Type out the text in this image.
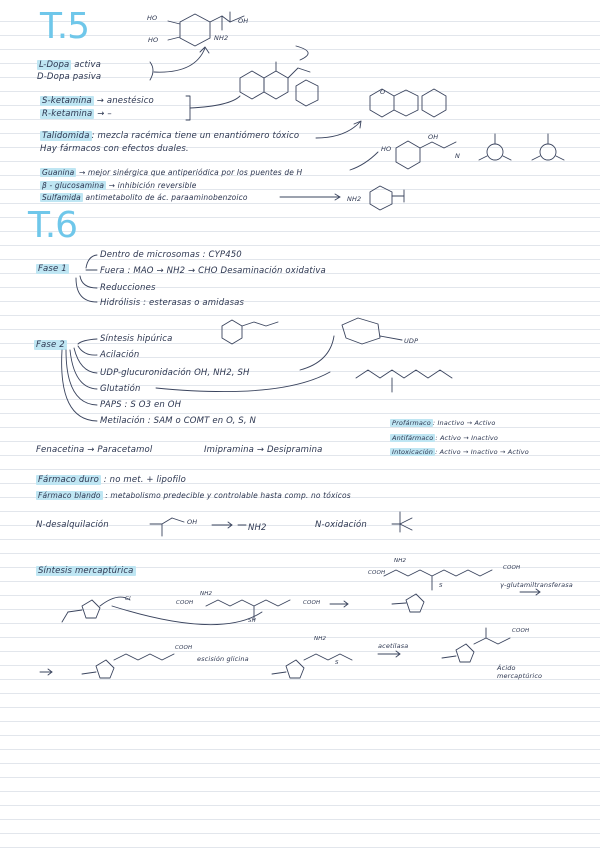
T.5
L-Dopa activa
D-Dopa pasiva
S-ketamina → anestésico
R-ketamina → –
Talidomida : mezcla racémica tiene un enantiómero tóxico
Hay fármacos con efectos duales.
Guanina → mejor sinérgica que antiperiódica por los puentes de H
β - glucosamina → inhibición reversible
Sulfamida antimetabolito de ác. paraaminobenzoico
HO
HO
OH
NH2
O
NH2
HO
N
OH
T.6
Fase 1
Dentro de microsomas : CYP450
Fuera : MAO → NH2 → CHO Desaminación oxidativa
Reducciones
Hidrólisis : esterasas o amidasas
Fase 2
Síntesis hipúrica
Acilación
UDP-glucuronidación OH, NH2, SH
Glutatión
PAPS : S O3 en OH
Metilación : SAM o COMT en O, S, N
UDP
Profármaco : Inactivo → Activo
Antifármaco : Activo → Inactivo
Intoxicación : Activo → Inactivo → Activo
Fenacetina → Paracetamol	Imipramina → Desipramina
Fármaco duro : no met. + lipofilo
Fármaco blando : metabolismo predecible y controlable hasta comp. no tóxicos
N-desalquilación	N-oxidación
OH
NH2
Síntesis mercaptúrica	COOH
COOH
COOH	COOH
COOH
COOH
Cl
NH2
NH2
NH2
SH
S
S
γ-glutamiltransferasa
acetilasa
Ácido mercaptúrico
escisión glicina
